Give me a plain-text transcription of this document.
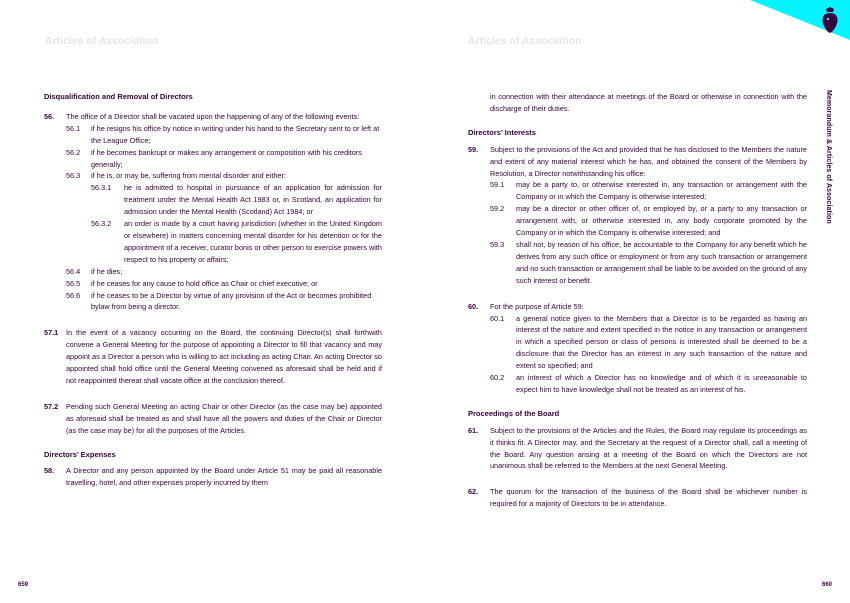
Articles of Association	Articles of Association
Memorandum & Articles of Association
659	660
Disqualification and Removal of Directors
56. The office of a Director shall be vacated upon the happening of any of the following events:
56.1 if he resigns his office by notice in writing under his hand to the Secretary sent to or left at the League Office;
56.2 if he becomes bankrupt or makes any arrangement or composition with his creditors generally;
56.3 if he is, or may be, suffering from mental disorder and either:
56.3.1 he is admitted to hospital in pursuance of an application for admission for treatment under the Mental Health Act 1983 or, in Scotland, an application for admission under the Mental Health (Scotland) Act 1984; or
56.3.2 an order is made by a court having jurisdiction (whether in the United Kingdom or elsewhere) in matters concerning mental disorder for his detention or for the appointment of a receiver, curator bonis or other person to exercise powers with respect to his property or affairs;
56.4 if he dies;
56.5 if he ceases for any cause to hold office as Chair or chief executive; or
56.6 if he ceases to be a Director by virtue of any provision of the Act or becomes prohibited bylaw from being a director.
57.1 In the event of a vacancy occurring on the Board, the continuing Director(s) shall forthwith convene a General Meeting for the purpose of appointing a Director to fill that vacancy and may appoint as a Director a person who is willing to act including as acting Chair. An acting Director so appointed shall hold office until the General Meeting convened as aforesaid shall be held and if not reappointed thereat shall vacate office at the conclusion thereof.
57.2 Pending such General Meeting an acting Chair or other Director (as the case may be) appointed as aforesaid shall be treated as and shall have all the powers and duties of the Chair or Director (as the case may be) for all the purposes of the Articles.
Directors’ Expenses
58. A Director and any person appointed by the Board under Article 51 may be paid all reasonable travelling, hotel, and other expenses properly incurred by them
in connection with their attendance at meetings of the Board or otherwise in connection with the discharge of their duties.
Directors’ Interests
59. Subject to the provisions of the Act and provided that he has disclosed to the Members the nature and extent of any material interest which he has, and obtained the consent of the Members by Resolution, a Director notwithstanding his office:
59.1 may be a party to, or otherwise interested in, any transaction or arrangement with the Company or in which the Company is otherwise interested;
59.2 may be a director or other officer of, or employed by, or a party to any transaction or arrangement with, or otherwise interested in, any body corporate promoted by the Company or in which the Company is otherwise interested; and
59.3 shall not, by reason of his office, be accountable to the Company for any benefit which he derives from any such office or employment or from any such transaction or arrangement and no such transaction or arrangement shall be liable to be avoided on the ground of any such interest or benefit.
60. For the purpose of Article 59:
60.1 a general notice given to the Members that a Director is to be regarded as having an interest of the nature and extent specified in the notice in any transaction or arrangement in which a specified person or class of persons is interested shall be deemed to be a disclosure that the Director has an interest in any such transaction of the nature and extent so specified; and
60.2 an interest of which a Director has no knowledge and of which it is unreasonable to expect him to have knowledge shall not be treated as an interest of his.
Proceedings of the Board
61. Subject to the provisions of the Articles and the Rules, the Board may regulate its proceedings as it thinks fit. A Director may, and the Secretary at the request of a Director shall, call a meeting of the Board. Any question arising at a meeting of the Board on which the Directors are not unanimous shall be referred to the Members at the next General Meeting.
62. The quorum for the transaction of the business of the Board shall be whichever number is required for a majority of Directors to be in attendance.
